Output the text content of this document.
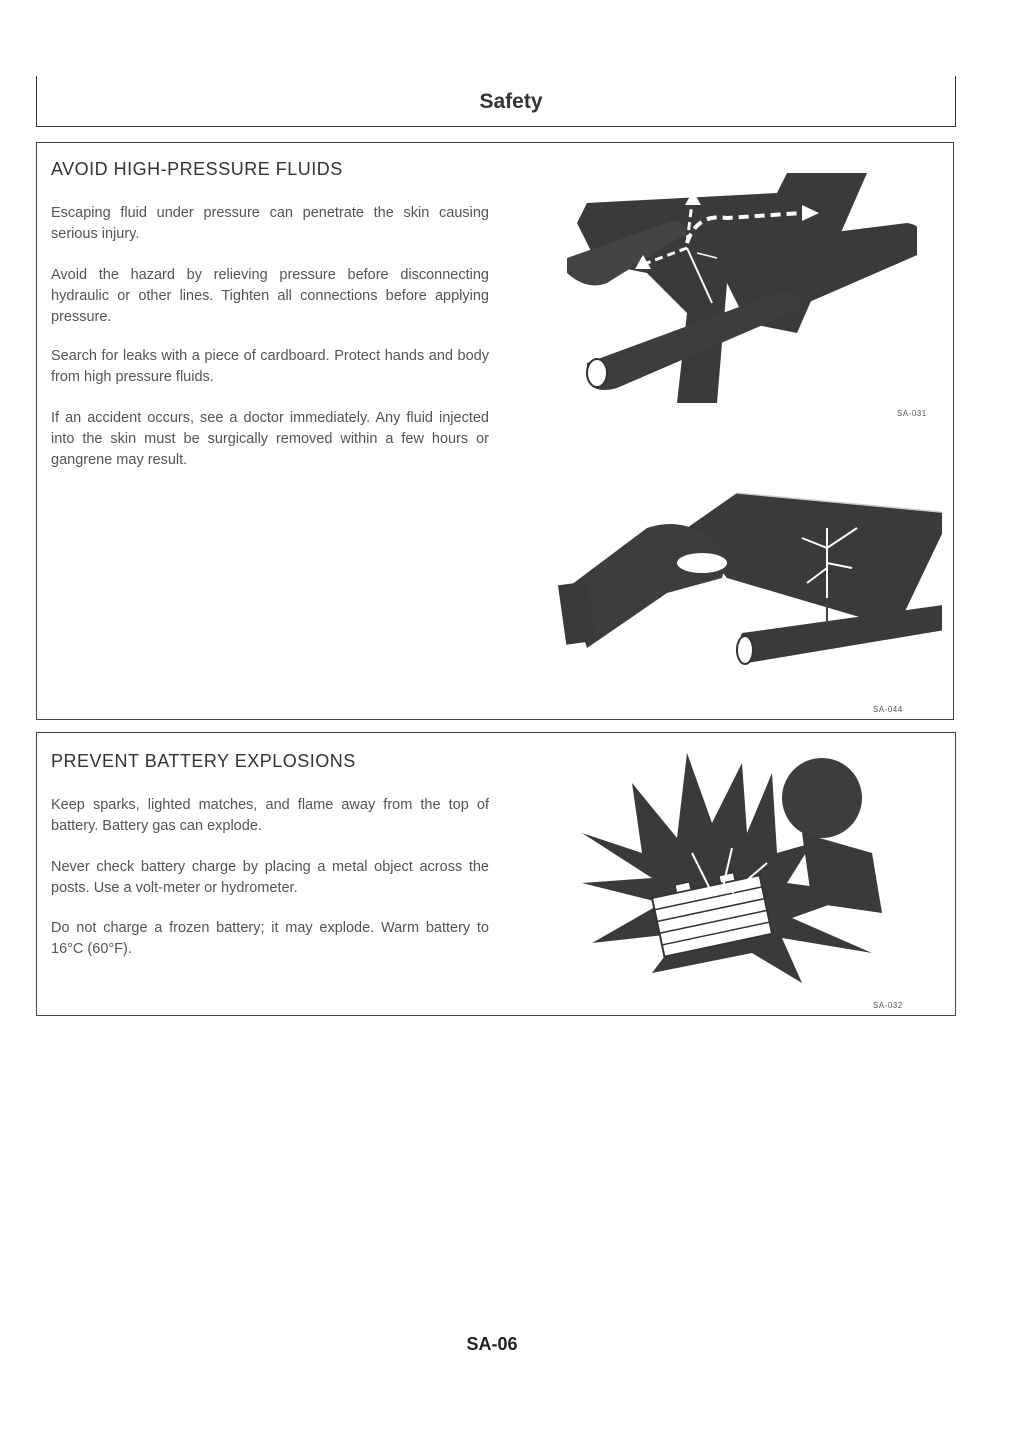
Safety
AVOID HIGH-PRESSURE FLUIDS

Escaping fluid under pressure can penetrate the skin causing serious injury.

Avoid the hazard by relieving pressure before disconnecting hydraulic or other lines. Tighten all connections before applying pressure.

Search for leaks with a piece of cardboard. Protect hands and body from high pressure fluids.

If an accident occurs, see a doctor immediately. Any fluid injected into the skin must be surgically removed within a few hours or gangrene may result.

SA-031
SA-044
PREVENT BATTERY EXPLOSIONS

Keep sparks, lighted matches, and flame away from the top of battery. Battery gas can explode.

Never check battery charge by placing a metal object across the posts. Use a volt-meter or hydrometer.

Do not charge a frozen battery; it may explode. Warm battery to 16°C (60°F).

SA-032
SA-06
